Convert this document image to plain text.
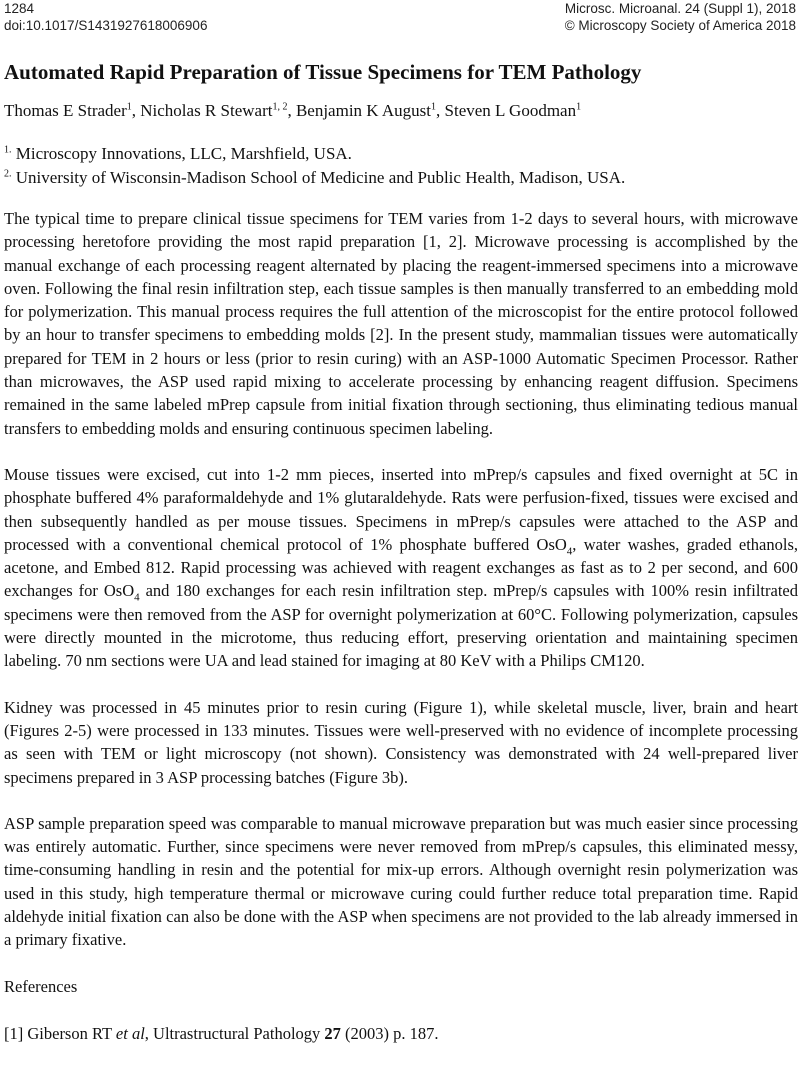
1284	Microsc. Microanal. 24 (Suppl 1), 2018
doi:10.1017/S1431927618006906	© Microscopy Society of America 2018
Automated Rapid Preparation of Tissue Specimens for TEM Pathology
Thomas E Strader$^1$, Nicholas R Stewart$^{1, 2}$, Benjamin K August$^1$, Steven L Goodman$^1$
$^{1.}$ Microscopy Innovations, LLC, Marshfield, USA.
$^{2.}$ University of Wisconsin-Madison School of Medicine and Public Health, Madison, USA.

The typical time to prepare clinical tissue specimens for TEM varies from 1-2 days to several hours, with microwave processing heretofore providing the most rapid preparation [1, 2]. Microwave processing is accomplished by the manual exchange of each processing reagent alternated by placing the reagent-immersed specimens into a microwave oven. Following the final resin infiltration step, each tissue samples is then manually transferred to an embedding mold for polymerization. This manual process requires the full attention of the microscopist for the entire protocol followed by an hour to transfer specimens to embedding molds [2]. In the present study, mammalian tissues were automatically prepared for TEM in 2 hours or less (prior to resin curing) with an ASP-1000 Automatic Specimen Processor. Rather than microwaves, the ASP used rapid mixing to accelerate processing by enhancing reagent diffusion. Specimens remained in the same labeled mPrep capsule from initial fixation through sectioning, thus eliminating tedious manual transfers to embedding molds and ensuring continuous specimen labeling.

Mouse tissues were excised, cut into 1-2 mm pieces, inserted into mPrep/s capsules and fixed overnight at 5C in phosphate buffered 4% paraformaldehyde and 1% glutaraldehyde. Rats were perfusion-fixed, tissues were excised and then subsequently handled as per mouse tissues. Specimens in mPrep/s capsules were attached to the ASP and processed with a conventional chemical protocol of 1% phosphate buffered OsO$_4$, water washes, graded ethanols, acetone, and Embed 812. Rapid processing was achieved with reagent exchanges as fast as to 2 per second, and 600 exchanges for OsO$_4$ and 180 exchanges for each resin infiltration step. mPrep/s capsules with 100% resin infiltrated specimens were then removed from the ASP for overnight polymerization at 60°C. Following polymerization, capsules were directly mounted in the microtome, thus reducing effort, preserving orientation and maintaining specimen labeling. 70 nm sections were UA and lead stained for imaging at 80 KeV with a Philips CM120.

Kidney was processed in 45 minutes prior to resin curing (Figure 1), while skeletal muscle, liver, brain and heart (Figures 2-5) were processed in 133 minutes. Tissues were well-preserved with no evidence of incomplete processing as seen with TEM or light microscopy (not shown). Consistency was demonstrated with 24 well-prepared liver specimens prepared in 3 ASP processing batches (Figure 3b).

ASP sample preparation speed was comparable to manual microwave preparation but was much easier since processing was entirely automatic. Further, since specimens were never removed from mPrep/s capsules, this eliminated messy, time-consuming handling in resin and the potential for mix-up errors. Although overnight resin polymerization was used in this study, high temperature thermal or microwave curing could further reduce total preparation time. Rapid aldehyde initial fixation can also be done with the ASP when specimens are not provided to the lab already immersed in a primary fixative.

References
[1] Giberson RT et al, Ultrastructural Pathology 27 (2003) p. 187.
